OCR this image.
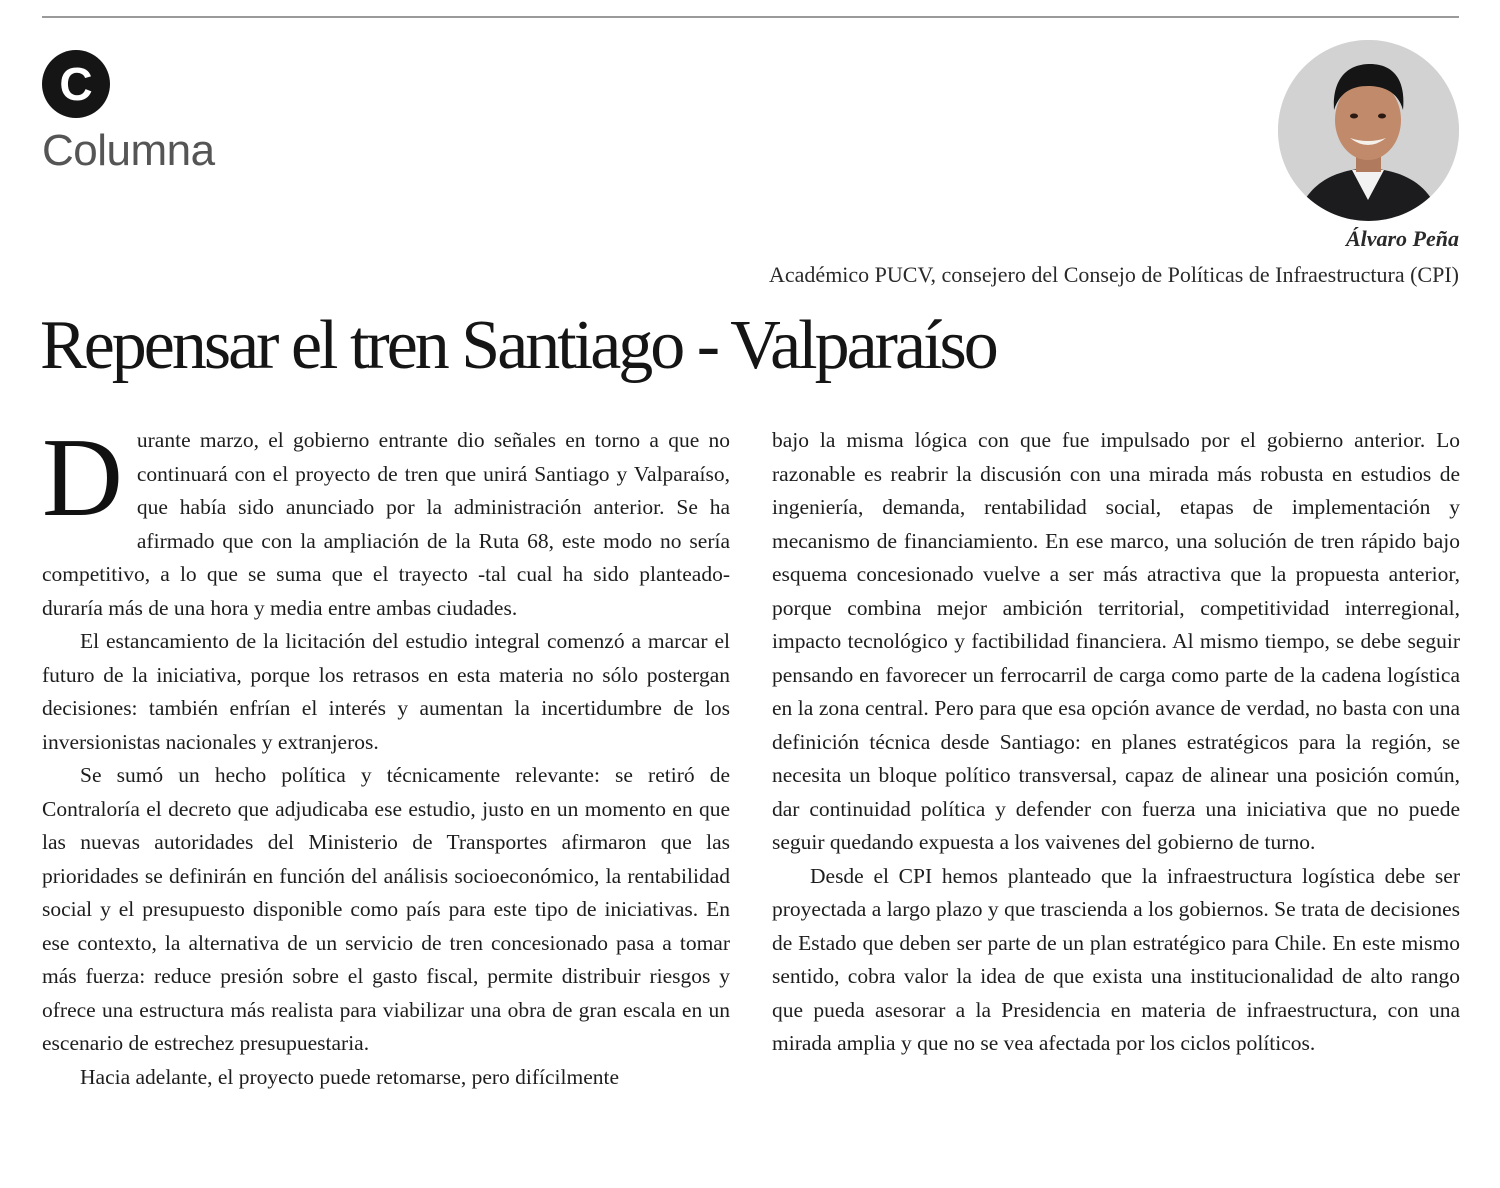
C
Columna
Álvaro Peña
Académico PUCV, consejero del Consejo de Políticas de Infraestructura (CPI)
Repensar el tren Santiago - Valparaíso

Durante marzo, el gobierno entrante dio señales en torno a que no continuará con el proyecto de tren que unirá Santiago y Valparaíso, que había sido anunciado por la administración anterior. Se ha afirmado que con la ampliación de la Ruta 68, este modo no sería competitivo, a lo que se suma que el trayecto -tal cual ha sido planteado- duraría más de una hora y media entre ambas ciudades.

El estancamiento de la licitación del estudio integral comenzó a marcar el futuro de la iniciativa, porque los retrasos en esta materia no sólo postergan decisiones: también enfrían el interés y aumentan la incertidumbre de los inversionistas nacionales y extranjeros.

Se sumó un hecho política y técnicamente relevante: se retiró de Contraloría el decreto que adjudicaba ese estudio, justo en un momento en que las nuevas autoridades del Ministerio de Transportes afirmaron que las prioridades se definirán en función del análisis socioeconómico, la rentabilidad social y el presupuesto disponible como país para este tipo de iniciativas. En ese contexto, la alternativa de un servicio de tren concesionado pasa a tomar más fuerza: reduce presión sobre el gasto fiscal, permite distribuir riesgos y ofrece una estructura más realista para viabilizar una obra de gran escala en un escenario de estrechez presupuestaria.

Hacia adelante, el proyecto puede retomarse, pero difícilmente

bajo la misma lógica con que fue impulsado por el gobierno anterior. Lo razonable es reabrir la discusión con una mirada más robusta en estudios de ingeniería, demanda, rentabilidad social, etapas de implementación y mecanismo de financiamiento. En ese marco, una solución de tren rápido bajo esquema concesionado vuelve a ser más atractiva que la propuesta anterior, porque combina mejor ambición territorial, competitividad interregional, impacto tecnológico y factibilidad financiera. Al mismo tiempo, se debe seguir pensando en favorecer un ferrocarril de carga como parte de la cadena logística en la zona central. Pero para que esa opción avance de verdad, no basta con una definición técnica desde Santiago: en planes estratégicos para la región, se necesita un bloque político transversal, capaz de alinear una posición común, dar continuidad política y defender con fuerza una iniciativa que no puede seguir quedando expuesta a los vaivenes del gobierno de turno.

Desde el CPI hemos planteado que la infraestructura logística debe ser proyectada a largo plazo y que trascienda a los gobiernos. Se trata de decisiones de Estado que deben ser parte de un plan estratégico para Chile. En este mismo sentido, cobra valor la idea de que exista una institucionalidad de alto rango que pueda asesorar a la Presidencia en materia de infraestructura, con una mirada amplia y que no se vea afectada por los ciclos políticos.
